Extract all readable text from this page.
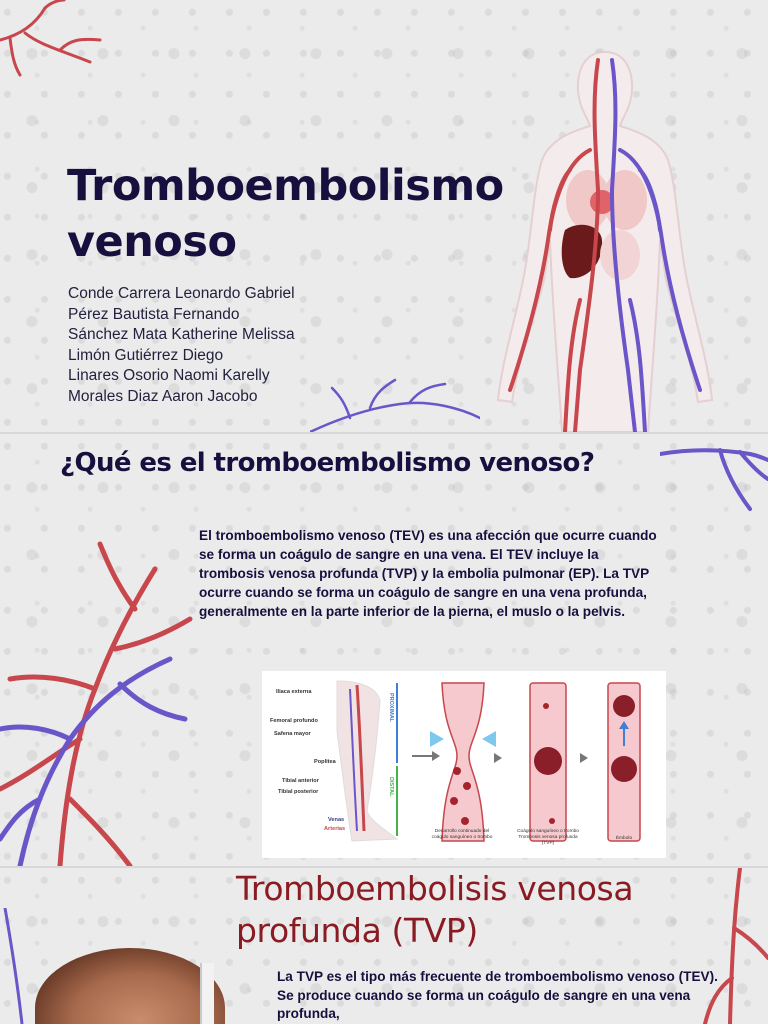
Tromboembolismo venoso
Conde Carrera Leonardo Gabriel
Pérez Bautista Fernando
Sánchez Mata Katherine Melissa
Limón Gutiérrez Diego
Linares Osorio Naomi Karelly
Morales Diaz Aaron Jacobo
¿Qué es el tromboembolismo venoso?
El tromboembolismo venoso (TEV) es una afección que ocurre cuando se forma un coágulo de sangre en una vena. El TEV incluye la trombosis venosa profunda (TVP) y la embolia pulmonar (EP). La TVP ocurre cuando se forma un coágulo de sangre en una vena profunda, generalmente en la parte inferior de la pierna, el muslo o la pelvis.
Iliaca externa
Femoral profundo
Safena mayor
Poplitea
Tibial anterior
Tibial posterior
Venas
Arterias
PROXIMAL
DISTAL
Desarrollo continuado del coágulo sanguíneo o trombo
Coágulo sanguíneo o trombo Trombosis venosa profunda (TVP)
Émbolo
Tromboembolisis venosa profunda (TVP)
La TVP es el tipo más frecuente de tromboembolismo venoso (TEV). Se produce cuando se forma un coágulo de sangre en una vena profunda,
